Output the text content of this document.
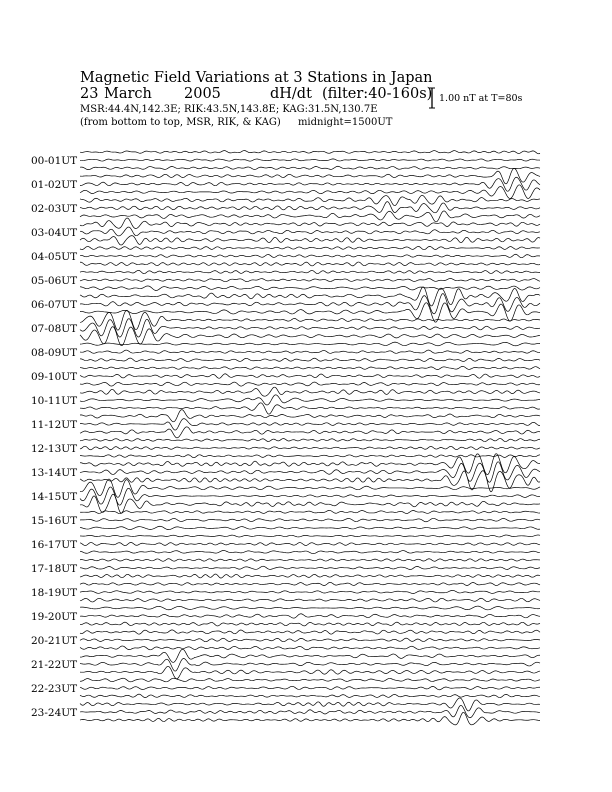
Magnetic Field Variations at 3 Stations in Japan
23 March 2005	dH/dt (filter:40-160s)
MSR:44.4N,142.3E; RIK:43.5N,143.8E; KAG:31.5N,130.7E
(from bottom to top, MSR, RIK, & KAG) midnight=1500UT
1.00 nT at T=80s
00-01UT
01-02UT
02-03UT
03-04UT
04-05UT
05-06UT
06-07UT
07-08UT
08-09UT
09-10UT
10-11UT
11-12UT
12-13UT
13-14UT
14-15UT
15-16UT
16-17UT
17-18UT
18-19UT
19-20UT
20-21UT
21-22UT
22-23UT
23-24UT
